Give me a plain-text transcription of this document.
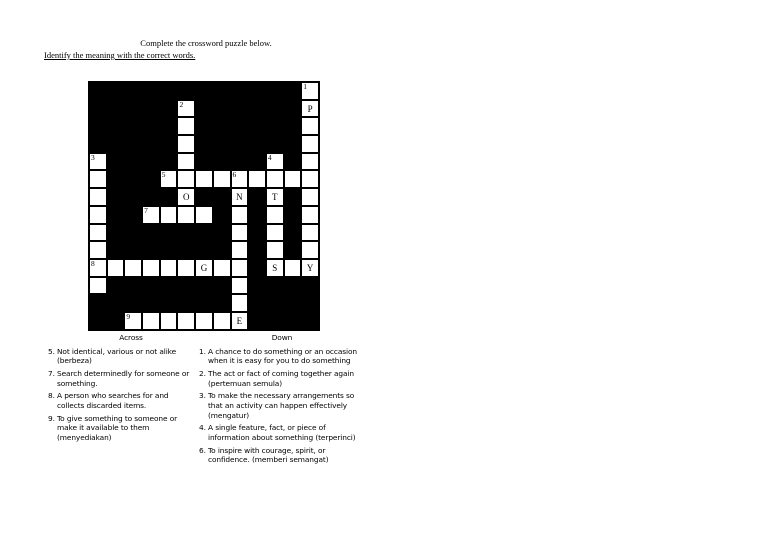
Complete the crossword puzzle below.
Identify the meaning with the correct words.
1
2	P
3	4
5	6
O	N	T
7
8	G	S	Y
9	E
Across
5. Not identical, various or not alike
(berbeza)
7. Search determinedly for someone or something.
8. A person who searches for and collects discarded items.
9. To give something to someone or make it available to them
(menyediakan)
Down
1. A chance to do something or an occasion when it is easy for you to do something
2. The act or fact of coming together again
(pertemuan semula)
3. To make the necessary arrangements so that an activity can happen effectively
(mengatur)
4. A single feature, fact, or piece of information about something (terperinci)
6. To inspire with courage, spirit, or confidence. (memberi semangat)
